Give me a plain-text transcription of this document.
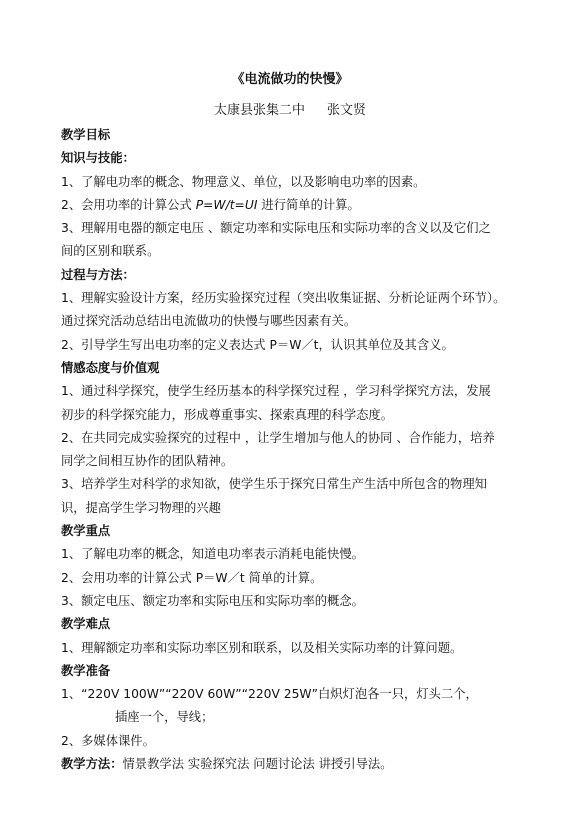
《电流做功的快慢》
太康县张集二中 张文贤
教学目标
知识与技能：
1、了解电功率的概念、物理意义、单位，以及影响电功率的因素。
2、会用功率的计算公式 P=W/t=UI 进行简单的计算。
3、理解用电器的额定电压 、额定功率和实际电压和实际功率的含义以及它们之
间的区别和联系。
过程与方法：
1、理解实验设计方案，经历实验探究过程（突出收集证据、分析论证两个环节）。
通过探究活动总结出电流做功的快慢与哪些因素有关。
2、引导学生写出电功率的定义表达式 P＝W／t，认识其单位及其含义。
情感态度与价值观
1、通过科学探究，使学生经历基本的科学探究过程 ，学习科学探究方法，发展
初步的科学探究能力，形成尊重事实、探索真理的科学态度。
2、在共同完成实验探究的过程中 ，让学生增加与他人的协同 、合作能力，培养
同学之间相互协作的团队精神。
3、培养学生对科学的求知欲，使学生乐于探究日常生产生活中所包含的物理知
识，提高学生学习物理的兴趣
教学重点
1、了解电功率的概念，知道电功率表示消耗电能快慢。
2、会用功率的计算公式 P＝W／t 简单的计算。
3、额定电压、额定功率和实际电压和实际功率的概念。
教学难点
1、理解额定功率和实际功率区别和联系，以及相关实际功率的计算问题。
教学准备
1、“220V 100W”“220V 60W”“220V 25W”白炽灯泡各一只，灯头二个，
插座一个，导线；
2、多媒体课件。
教学方法：情景教学法 实验探究法 问题讨论法 讲授引导法。
